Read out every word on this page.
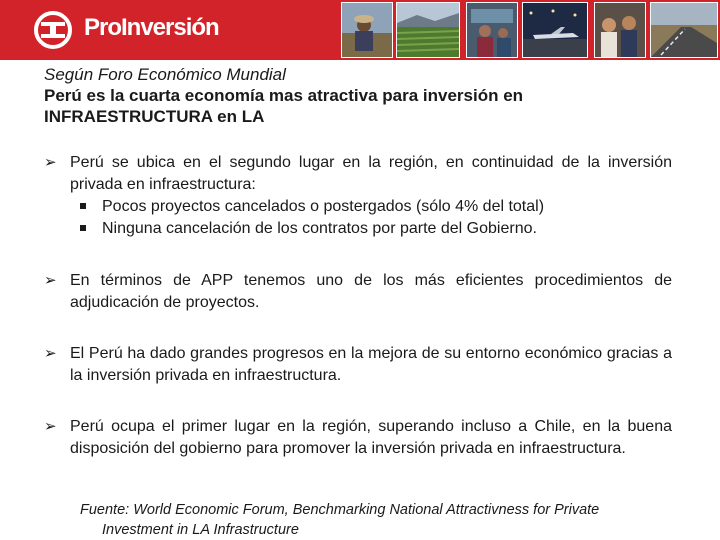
ProInversión
Según Foro Económico Mundial
Perú es la cuarta economía mas atractiva para inversión en
INFRAESTRUCTURA en LA
➢ Perú se ubica en el segundo lugar en la región, en continuidad de la inversión privada en infraestructura:
Pocos proyectos cancelados o postergados (sólo 4% del total)
Ninguna cancelación de los contratos por parte del Gobierno.
➢ En términos de APP tenemos uno de los más eficientes procedimientos de adjudicación de proyectos.
➢ El Perú ha dado grandes progresos en la mejora de su entorno económico gracias a la inversión privada en infraestructura.
➢ Perú ocupa el primer lugar en la región, superando incluso a Chile, en la buena disposición del gobierno para promover la inversión privada en infraestructura.
Fuente: World Economic Forum, Benchmarking National Attractivness for Private
Investment in LA Infrastructure
